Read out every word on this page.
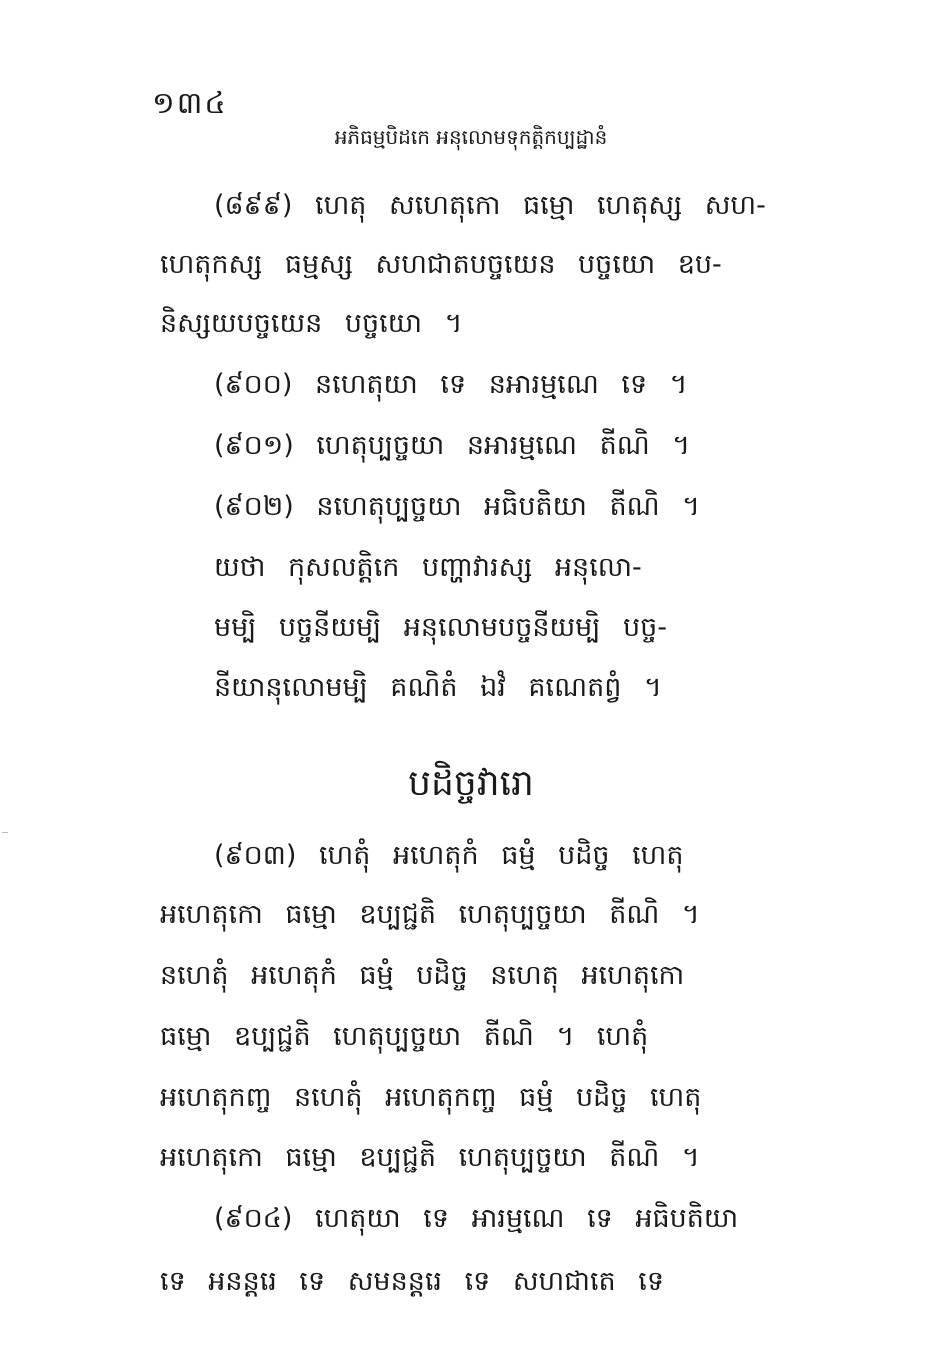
១៣៤
អភិធម្មបិដកេ អនុលោមទុកត្តិកប្បដ្ឋានំ
(៨៩៩) ហេតុ សហេតុកោ ធម្មោ ហេតុស្ស សហ-
ហេតុកស្ស ធម្មស្ស សហជាតបច្ចយេន បច្ចយោ ឧប-
និស្សយបច្ចយេន បច្ចយោ ។
(៩០០) នហេតុយា ទេ នអារម្មណេ ទេ ។
(៩០១) ហេតុប្បច្ចយា នអារម្មណេ តីណិ ។
(៩០២) នហេតុប្បច្ចយា អធិបតិយា តីណិ ។
យថា កុសលត្តិកេ បញ្ហាវារស្ស អនុលោ-
មម្បិ បច្ចនីយម្បិ អនុលោមបច្ចនីយម្បិ បច្ច-
នីយានុលោមម្បិ គណិតំ ឯវំ គណេតព្វំ ។
បដិច្ចវារោ
(៩០៣) ហេតុំ អហេតុកំ ធម្មំ បដិច្ច ហេតុ
អហេតុកោ ធម្មោ ឧប្បជ្ជតិ ហេតុប្បច្ចយា តីណិ ។
នហេតុំ អហេតុកំ ធម្មំ បដិច្ច នហេតុ អហេតុកោ
ធម្មោ ឧប្បជ្ជតិ ហេតុប្បច្ចយា តីណិ ។ ហេតុំ
អហេតុកញ្ច នហេតុំ អហេតុកញ្ច ធម្មំ បដិច្ច ហេតុ
អហេតុកោ ធម្មោ ឧប្បជ្ជតិ ហេតុប្បច្ចយា តីណិ ។
(៩០៤) ហេតុយា ទេ អារម្មណេ ទេ អធិបតិយា
ទេ អនន្តរេ ទេ សមនន្តរេ ទេ សហជាតេ ទេ
